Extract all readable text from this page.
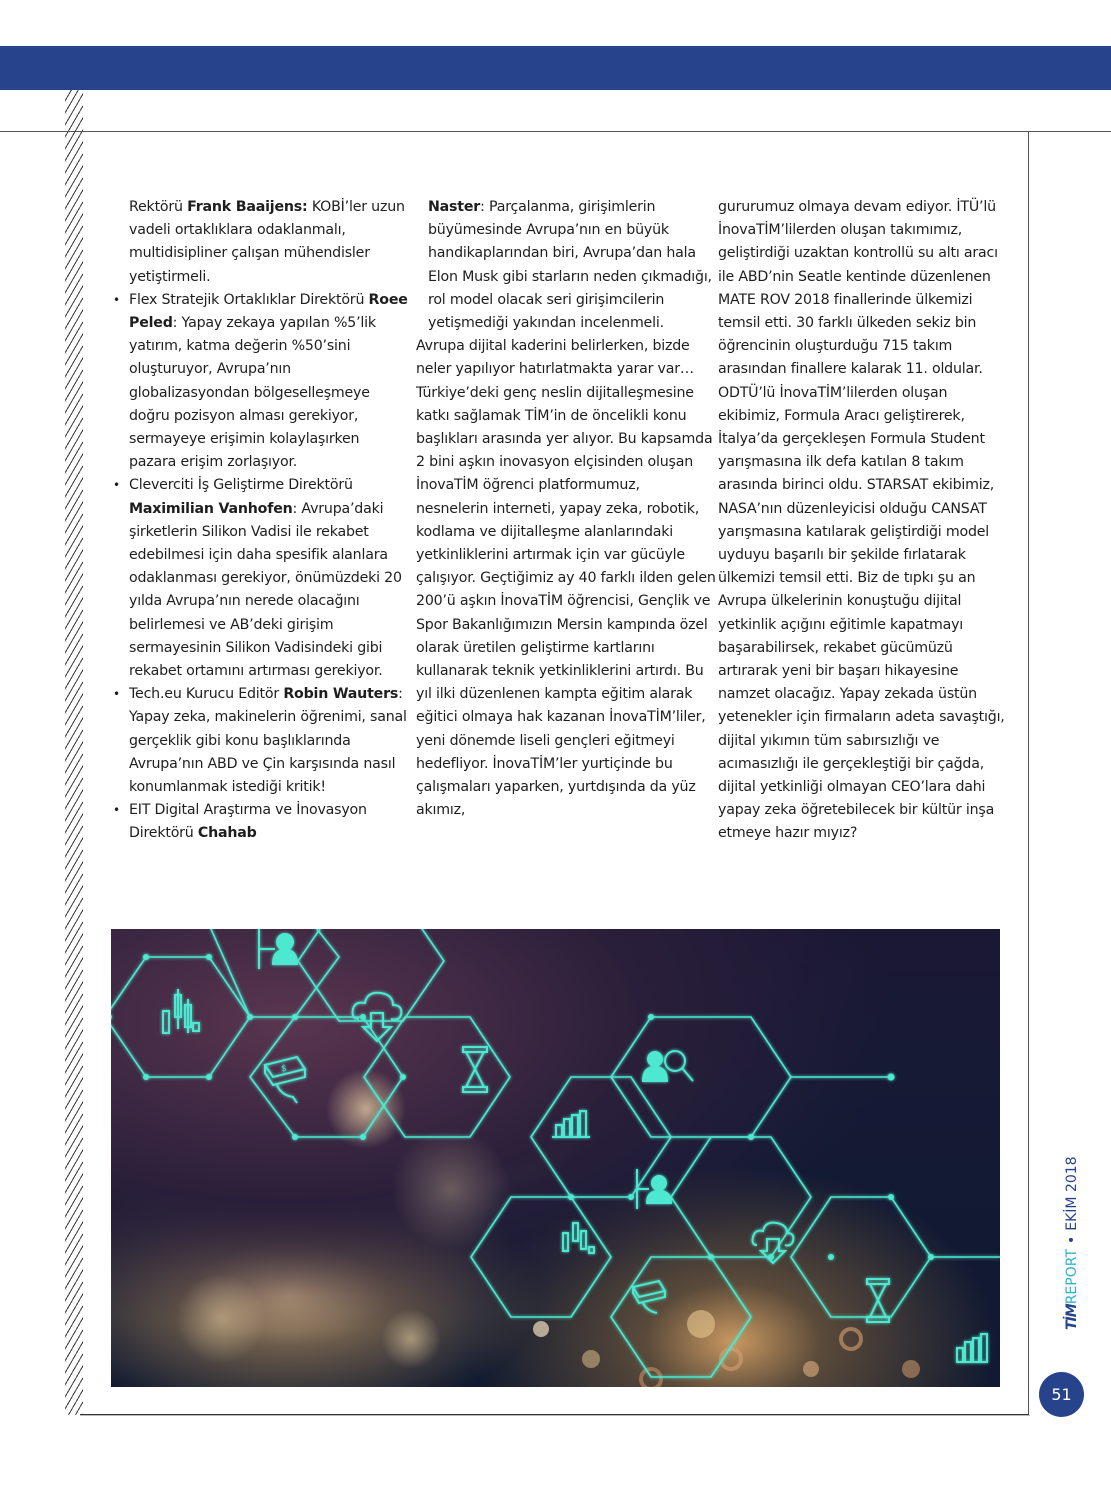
Rektörü Frank Baaijens: KOBİ’ler uzun vadeli ortaklıklara odaklanmalı, multidisipliner çalışan mühendisler yetiştirmeli.
• Flex Stratejik Ortaklıklar Direktörü Roee Peled: Yapay zekaya yapılan %5’lik yatırım, katma değerin %50’sini oluşturuyor, Avrupa’nın globalizasyondan bölgeselleşmeye doğru pozisyon alması gerekiyor, sermayeye erişimin kolaylaşırken pazara erişim zorlaşıyor.
• Cleverciti İş Geliştirme Direktörü Maximilian Vanhofen: Avrupa’daki şirketlerin Silikon Vadisi ile rekabet edebilmesi için daha spesifik alanlara odaklanması gerekiyor, önümüzdeki 20 yılda Avrupa’nın nerede olacağını belirlemesi ve AB’deki girişim sermayesinin Silikon Vadisindeki gibi rekabet ortamını artırması gerekiyor.
• Tech.eu Kurucu Editör Robin Wauters: Yapay zeka, makinelerin öğrenimi, sanal gerçeklik gibi konu başlıklarında Avrupa’nın ABD ve Çin karşısında nasıl konumlanmak istediği kritik!
• EIT Digital Araştırma ve İnovasyon Direktörü Chahab
Naster: Parçalanma, girişimlerin büyümesinde Avrupa’nın en büyük handikaplarından biri, Avrupa’dan hala Elon Musk gibi starların neden çıkmadığı, rol model olacak seri girişimcilerin yetişmediği yakından incelenmeli.

Avrupa dijital kaderini belirlerken, bizde neler yapılıyor hatırlatmakta yarar var… Türkiye’deki genç neslin dijitalleşmesine katkı sağlamak TİM’in de öncelikli konu başlıkları arasında yer alıyor. Bu kapsamda 2 bini aşkın inovasyon elçisinden oluşan İnovaTİM öğrenci platformumuz, nesnelerin interneti, yapay zeka, robotik, kodlama ve dijitalleşme alanlarındaki yetkinliklerini artırmak için var gücüyle çalışıyor. Geçtiğimiz ay 40 farklı ilden gelen 200’ü aşkın İnovaTİM öğrencisi, Gençlik ve Spor Bakanlığımızın Mersin kampında özel olarak üretilen geliştirme kartlarını kullanarak teknik yetkinliklerini artırdı. Bu yıl ilki düzenlenen kampta eğitim alarak eğitici olmaya hak kazanan İnovaTİM’liler, yeni dönemde liseli gençleri eğitmeyi hedefliyor. İnovaTİM’ler yurtiçinde bu çalışmaları yaparken, yurtdışında da yüz akımız,

gururumuz olmaya devam ediyor. İTÜ’lü İnovaTİM’lilerden oluşan takımımız, geliştirdiği uzaktan kontrollü su altı aracı ile ABD’nin Seatle kentinde düzenlenen MATE ROV 2018 finallerinde ülkemizi temsil etti. 30 farklı ülkeden sekiz bin öğrencinin oluşturduğu 715 takım arasından finallere kalarak 11. oldular. ODTÜ’lü İnovaTİM’lilerden oluşan ekibimiz, Formula Aracı geliştirerek, İtalya’da gerçekleşen Formula Student yarışmasına ilk defa katılan 8 takım arasında birinci oldu. STARSAT ekibimiz, NASA’nın düzenleyicisi olduğu CANSAT yarışmasına katılarak geliştirdiği model uyduyu başarılı bir şekilde fırlatarak ülkemizi temsil etti. Biz de tıpkı şu an Avrupa ülkelerinin konuştuğu dijital yetkinlik açığını eğitimle kapatmayı başarabilirsek, rekabet gücümüzü artırarak yeni bir başarı hikayesine namzet olacağız. Yapay zekada üstün yetenekler için firmaların adeta savaştığı, dijital yıkımın tüm sabırsızlığı ve acımasızlığı ile gerçekleştiği bir çağda, dijital yetkinliği olmayan CEO’lara dahi yapay zeka öğretebilecek bir kültür inşa etmeye hazır mıyız?

$
TİMREPORT•EKİM 2018
51
